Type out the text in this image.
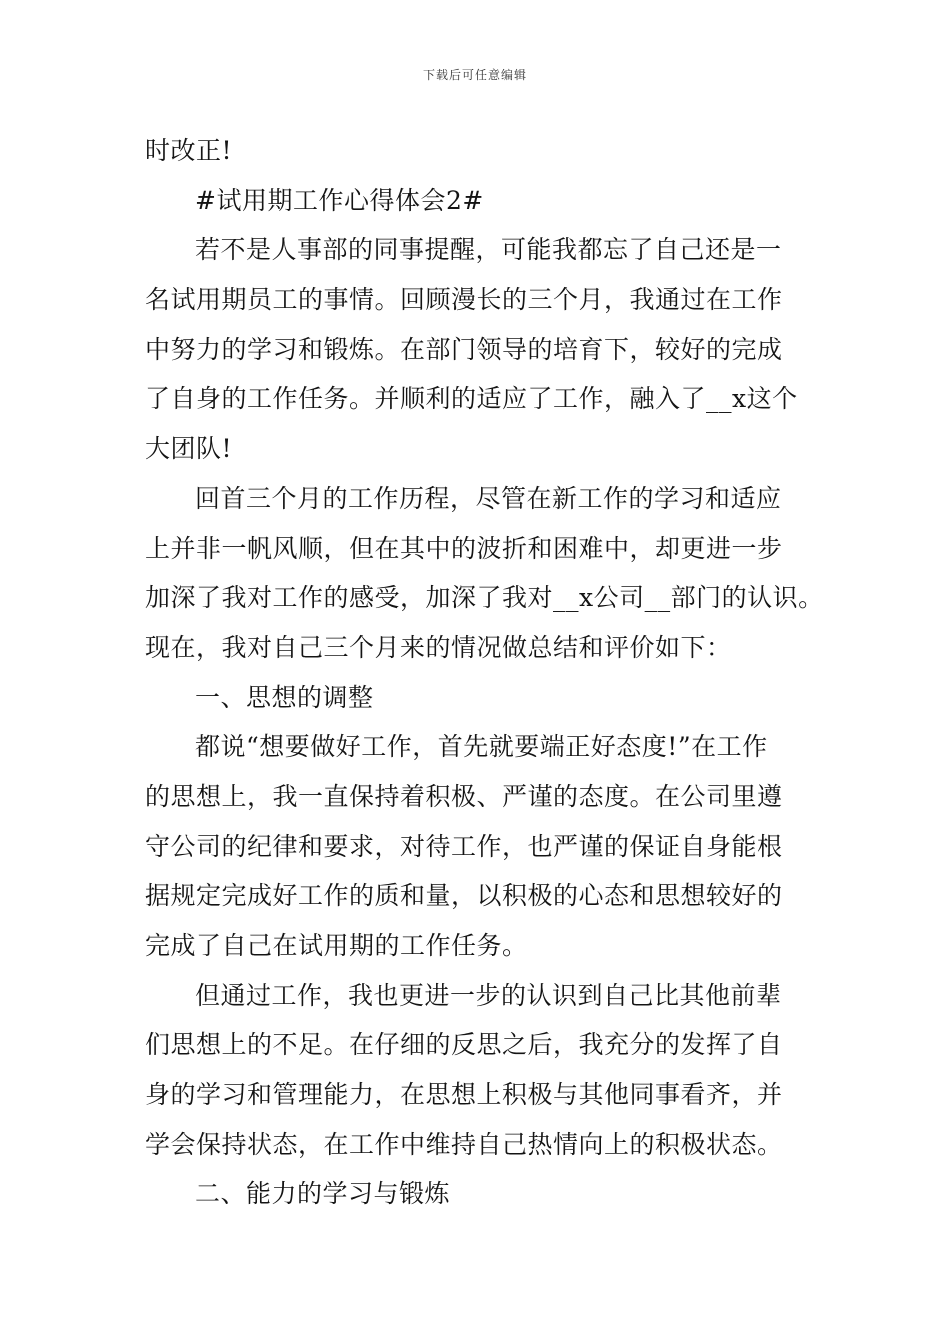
下载后可任意编辑
时改正!
#试用期工作心得体会2#
若不是人事部的同事提醒，可能我都忘了自己还是一
名试用期员工的事情。回顾漫长的三个月，我通过在工作
中努力的学习和锻炼。在部门领导的培育下，较好的完成
了自身的工作任务。并顺利的适应了工作，融入了__x这个
大团队!
回首三个月的工作历程，尽管在新工作的学习和适应
上并非一帆风顺，但在其中的波折和困难中，却更进一步
加深了我对工作的感受，加深了我对__x公司__部门的认识。
现在，我对自己三个月来的情况做总结和评价如下：
一、思想的调整
都说“想要做好工作，首先就要端正好态度!”在工作
的思想上，我一直保持着积极、严谨的态度。在公司里遵
守公司的纪律和要求，对待工作，也严谨的保证自身能根
据规定完成好工作的质和量，以积极的心态和思想较好的
完成了自己在试用期的工作任务。
但通过工作，我也更进一步的认识到自己比其他前辈
们思想上的不足。在仔细的反思之后，我充分的发挥了自
身的学习和管理能力，在思想上积极与其他同事看齐，并
学会保持状态，在工作中维持自己热情向上的积极状态。
二、能力的学习与锻炼
